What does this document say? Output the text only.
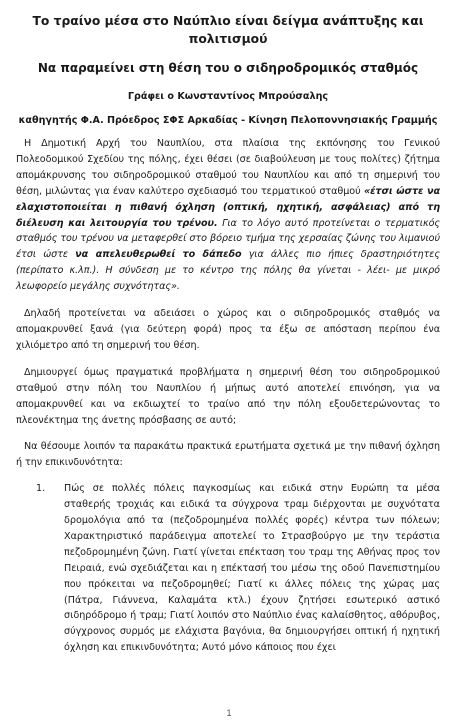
Το τραίνο μέσα στο Ναύπλιο είναι δείγμα ανάπτυξης και πολιτισμού
Να παραμείνει στη θέση του ο σιδηροδρομικός σταθμός

Γράφει ο Κωνσταντίνος Μπρούσαλης

καθηγητής Φ.Α. Πρόεδρος ΣΦΣ Αρκαδίας - Κίνηση Πελοποννησιακής Γραμμής

Η Δημοτική Αρχή του Ναυπλίου, στα πλαίσια της εκπόνησης του Γενικού Πολεοδομικού Σχεδίου της πόλης, έχει θέσει (σε διαβούλευση με τους πολίτες) ζήτημα απομάκρυνσης του σιδηροδρομικού σταθμού του Ναυπλίου και από τη σημερινή του θέση, μιλώντας για έναν καλύτερο σχεδιασμό του τερματικού σταθμού «έτσι ώστε να ελαχιστοποιείται η πιθανή όχληση (οπτική, ηχητική, ασφάλειας) από τη διέλευση και λειτουργία του τρένου. Για το λόγο αυτό προτείνεται ο τερματικός σταθμός του τρένου να μεταφερθεί στο βόρειο τμήμα της χερσαίας ζώνης του λιμανιού έτσι ώστε να απελευθερωθεί το δάπεδο για άλλες πιο ήπιες δραστηριότητες (περίπατο κ.λπ.). Η σύνδεση με το κέντρο της πόλης θα γίνεται - λέει- με μικρό λεωφορείο μεγάλης συχνότητας».

Δηλαδή προτείνεται να αδειάσει ο χώρος και ο σιδηροδρομικός σταθμός να απομακρυνθεί ξανά (για δεύτερη φορά) προς τα έξω σε απόσταση περίπου ένα χιλιόμετρο από τη σημερινή του θέση.

Δημιουργεί όμως πραγματικά προβλήματα η σημερινή θέση του σιδηροδρομικού σταθμού στην πόλη του Ναυπλίου ή μήπως αυτό αποτελεί επινόηση, για να απομακρυνθεί και να εκδιωχτεί το τραίνο από την πόλη εξουδετερώνοντας το πλεονέκτημα της άνετης πρόσβασης σε αυτό;

Να θέσουμε λοιπόν τα παρακάτω πρακτικά ερωτήματα σχετικά με την πιθανή όχληση ή την επικινδυνότητα:

1.	Πώς σε πολλές πόλεις παγκοσμίως και ειδικά στην Ευρώπη τα μέσα σταθερής τροχιάς και ειδικά τα σύγχρονα τραμ διέρχονται με συχνότατα δρομολόγια από τα (πεζοδρομημένα πολλές φορές) κέντρα των πόλεων; Χαρακτηριστικό παράδειγμα αποτελεί το Στρασβούργο με την τεράστια πεζοδρομημένη ζώνη. Γιατί γίνεται επέκταση του τραμ της Αθήνας προς τον Πειραιά, ενώ σχεδιάζεται και η επέκτασή του μέσω της οδού Πανεπιστημίου που πρόκειται να πεζοδρομηθεί; Γιατί κι άλλες πόλεις της χώρας μας (Πάτρα, Γιάννενα, Καλαμάτα κτλ.) έχουν ζητήσει εσωτερικό αστικό σιδηρόδρομο ή τραμ; Γιατί λοιπόν στο Ναύπλιο ένας καλαίσθητος, αθόρυβος, σύγχρονος συρμός με ελάχιστα βαγόνια, θα δημιουργήσει οπτική ή ηχητική όχληση και επικινδυνότητα; Αυτό μόνο κάποιος που έχει
1
